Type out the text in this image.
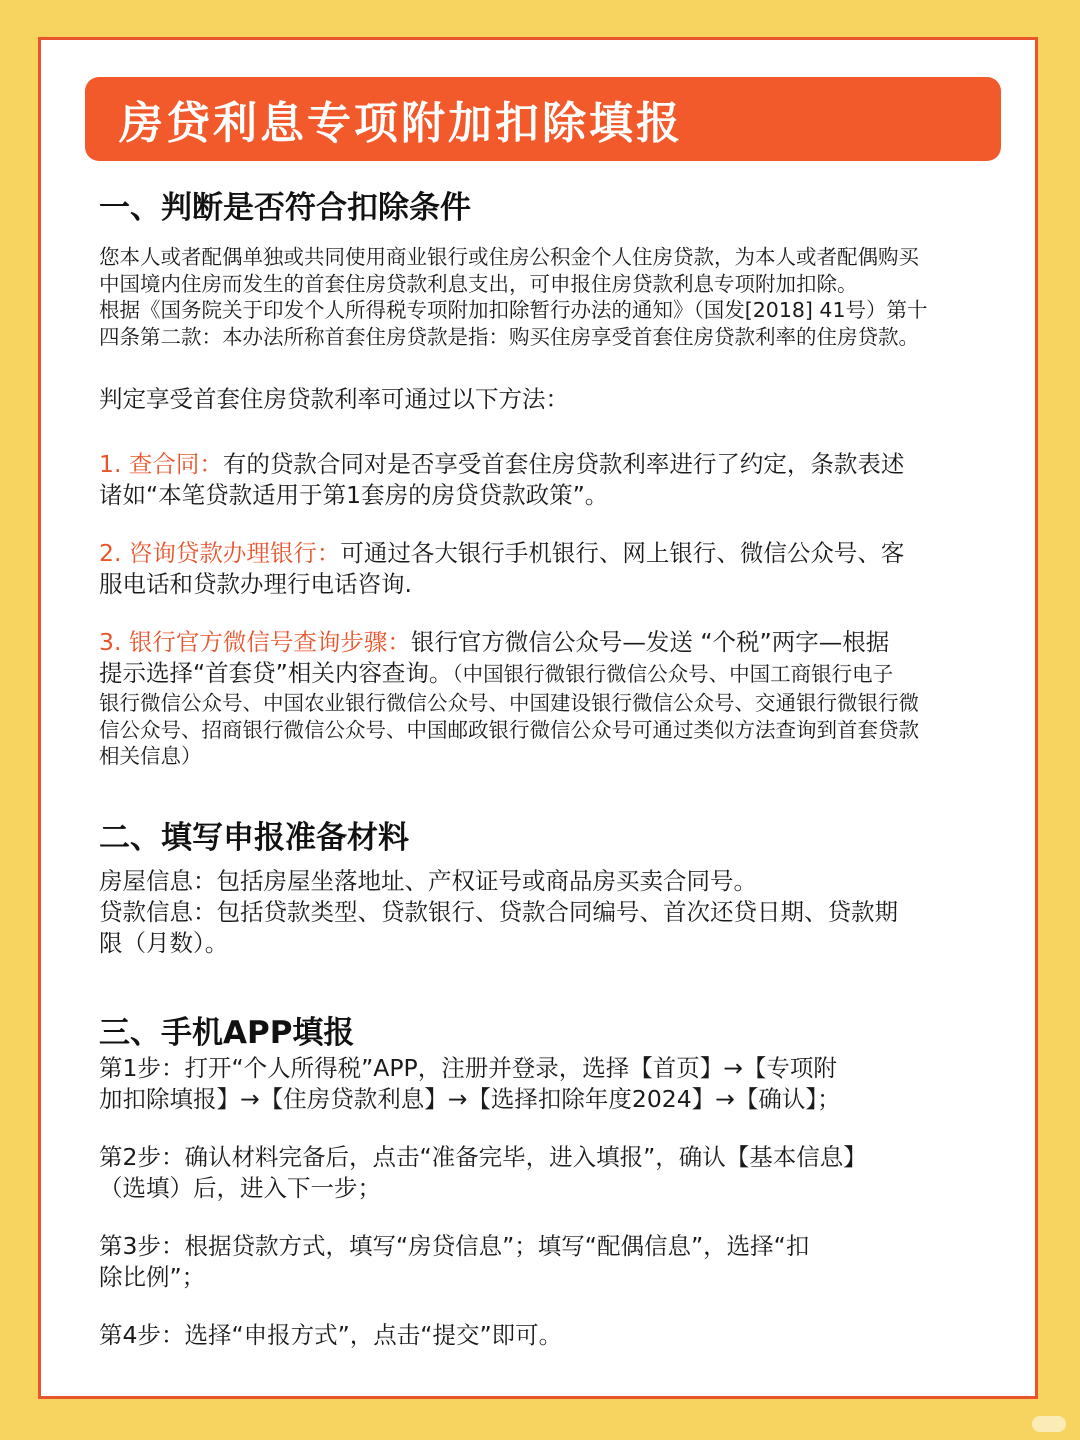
房贷利息专项附加扣除填报
一、判断是否符合扣除条件

您本人或者配偶单独或共同使用商业银行或住房公积金个人住房贷款，为本人或者配偶购买

中国境内住房而发生的首套住房贷款利息支出，可申报住房贷款利息专项附加扣除。

根据《国务院关于印发个人所得税专项附加扣除暂行办法的通知》（国发[2018] 41号）第十

四条第二款：本办法所称首套住房贷款是指：购买住房享受首套住房贷款利率的住房贷款。

判定享受首套住房贷款利率可通过以下方法：

1. 查合同：有的贷款合同对是否享受首套住房贷款利率进行了约定，条款表述

诸如“本笔贷款适用于第1套房的房贷贷款政策”。

2. 咨询贷款办理银行：可通过各大银行手机银行、网上银行、微信公众号、客

服电话和贷款办理行电话咨询.

3. 银行官方微信号查询步骤：银行官方微信公众号—发送 “个税”两字—根据

提示选择“首套贷”相关内容查询。（中国银行微银行微信公众号、中国工商银行电子

银行微信公众号、中国农业银行微信公众号、中国建设银行微信公众号、交通银行微银行微

信公众号、招商银行微信公众号、中国邮政银行微信公众号可通过类似方法查询到首套贷款

相关信息）

二、填写申报准备材料

房屋信息：包括房屋坐落地址、产权证号或商品房买卖合同号。

贷款信息：包括贷款类型、贷款银行、贷款合同编号、首次还贷日期、贷款期

限（月数）。

三、手机APP填报

第1步：打开“个人所得税”APP，注册并登录，选择【首页】→【专项附

加扣除填报】→【住房贷款利息】→【选择扣除年度2024】→【确认】；

第2步：确认材料完备后，点击“准备完毕，进入填报”，确认【基本信息】

（选填）后，进入下一步；

第3步：根据贷款方式，填写“房贷信息”；填写“配偶信息”，选择“扣

除比例”；

第4步：选择“申报方式”，点击“提交”即可。
